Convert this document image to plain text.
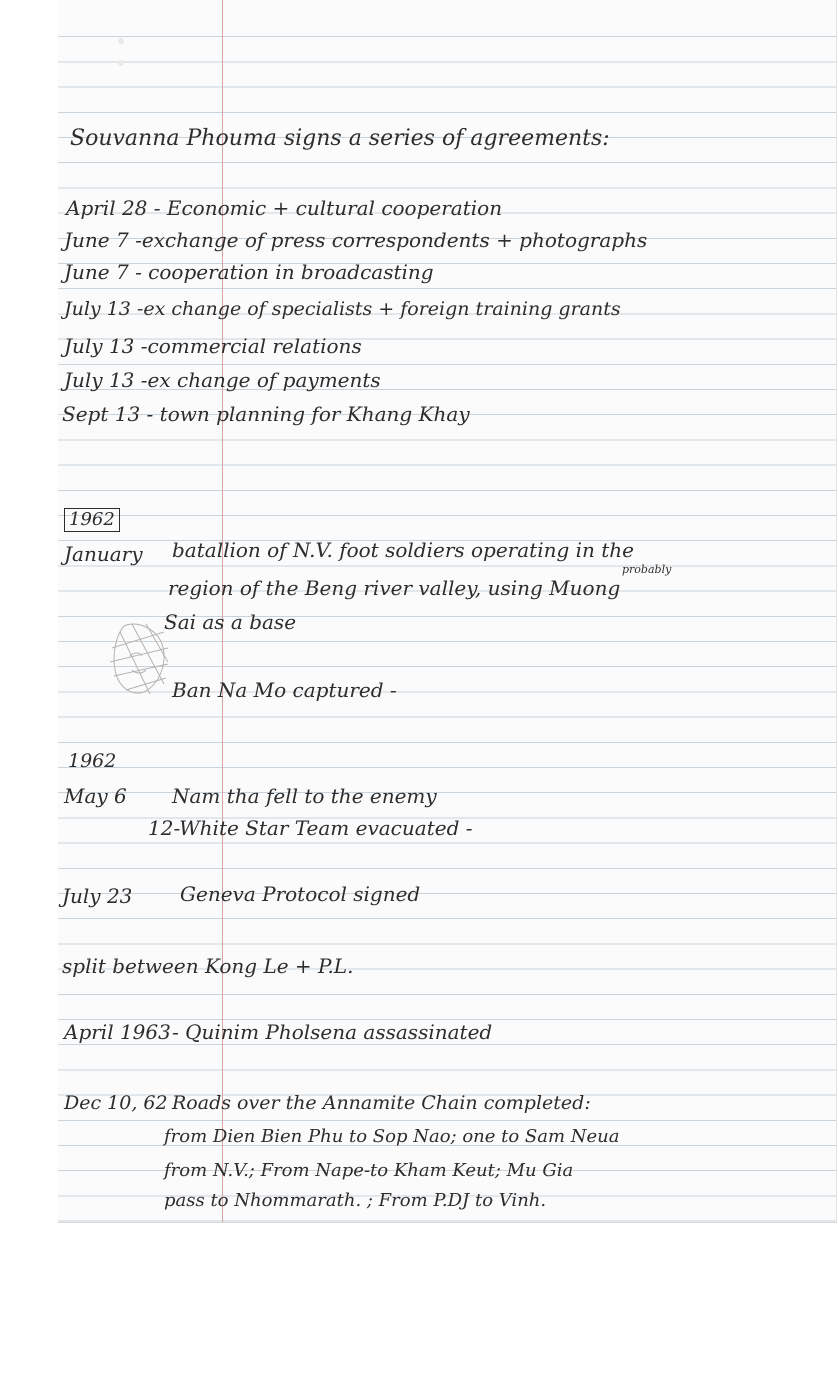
Souvanna Phouma signs a series of agreements:
April 28 - Economic + cultural cooperation
June 7 -exchange of press correspondents + photographs
June 7 - cooperation in broadcasting
July 13 -ex change of specialists + foreign training grants
July 13 -commercial relations
July 13 -ex change of payments
Sept 13 - town planning for Khang Khay
1962
January batallion of N.V. foot soldiers operating in the
probably
region of the Beng river valley, using Muong
Sai as a base
Ban Na Mo captured -
1962
May 6 Nam tha fell to the enemy
12-White Star Team evacuated -
July 23 Geneva Protocol signed
split between Kong Le + P.L.
April 1963 - Quinim Pholsena assassinated
Dec 10, 62 Roads over the Annamite Chain completed:
from Dien Bien Phu to Sop Nao; one to Sam Neua
from N.V.; From Nape-to Kham Keut; Mu Gia
pass to Nhommarath. ; From P.DJ to Vinh.
